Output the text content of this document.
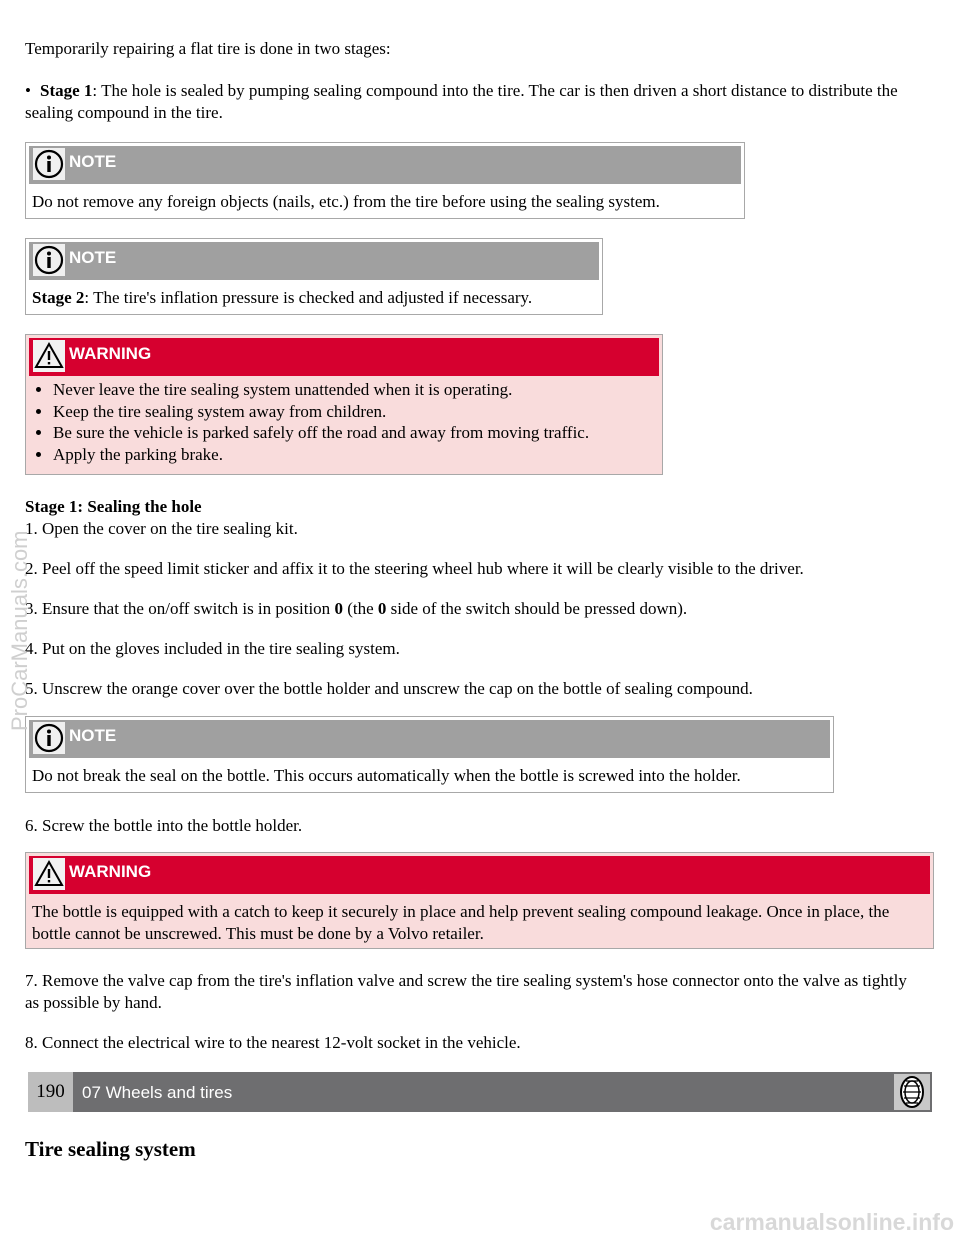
Temporarily repairing a flat tire is done in two stages:

• Stage 1: The hole is sealed by pumping sealing compound into the tire. The car is then driven a short distance to distribute the sealing compound in the tire.

NOTE

Do not remove any foreign objects (nails, etc.) from the tire before using the sealing system.

NOTE

Stage 2: The tire's inflation pressure is checked and adjusted if necessary.

WARNING
• Never leave the tire sealing system unattended when it is operating.
• Keep the tire sealing system away from children.
• Be sure the vehicle is parked safely off the road and away from moving traffic.
• Apply the parking brake.

Stage 1: Sealing the hole

1. Open the cover on the tire sealing kit.

2. Peel off the speed limit sticker and affix it to the steering wheel hub where it will be clearly visible to the driver.

3. Ensure that the on/off switch is in position 0 (the 0 side of the switch should be pressed down).

4. Put on the gloves included in the tire sealing system.

5. Unscrew the orange cover over the bottle holder and unscrew the cap on the bottle of sealing compound.

NOTE

Do not break the seal on the bottle. This occurs automatically when the bottle is screwed into the holder.

6. Screw the bottle into the bottle holder.

WARNING

The bottle is equipped with a catch to keep it securely in place and help prevent sealing compound leakage. Once in place, the bottle cannot be unscrewed. This must be done by a Volvo retailer.

7. Remove the valve cap from the tire's inflation valve and screw the tire sealing system's hose connector onto the valve as tightly as possible by hand.

8. Connect the electrical wire to the nearest 12-volt socket in the vehicle.

190	07 Wheels and tires

Tire sealing system

ProCarManuals.com
carmanualsonline.info
